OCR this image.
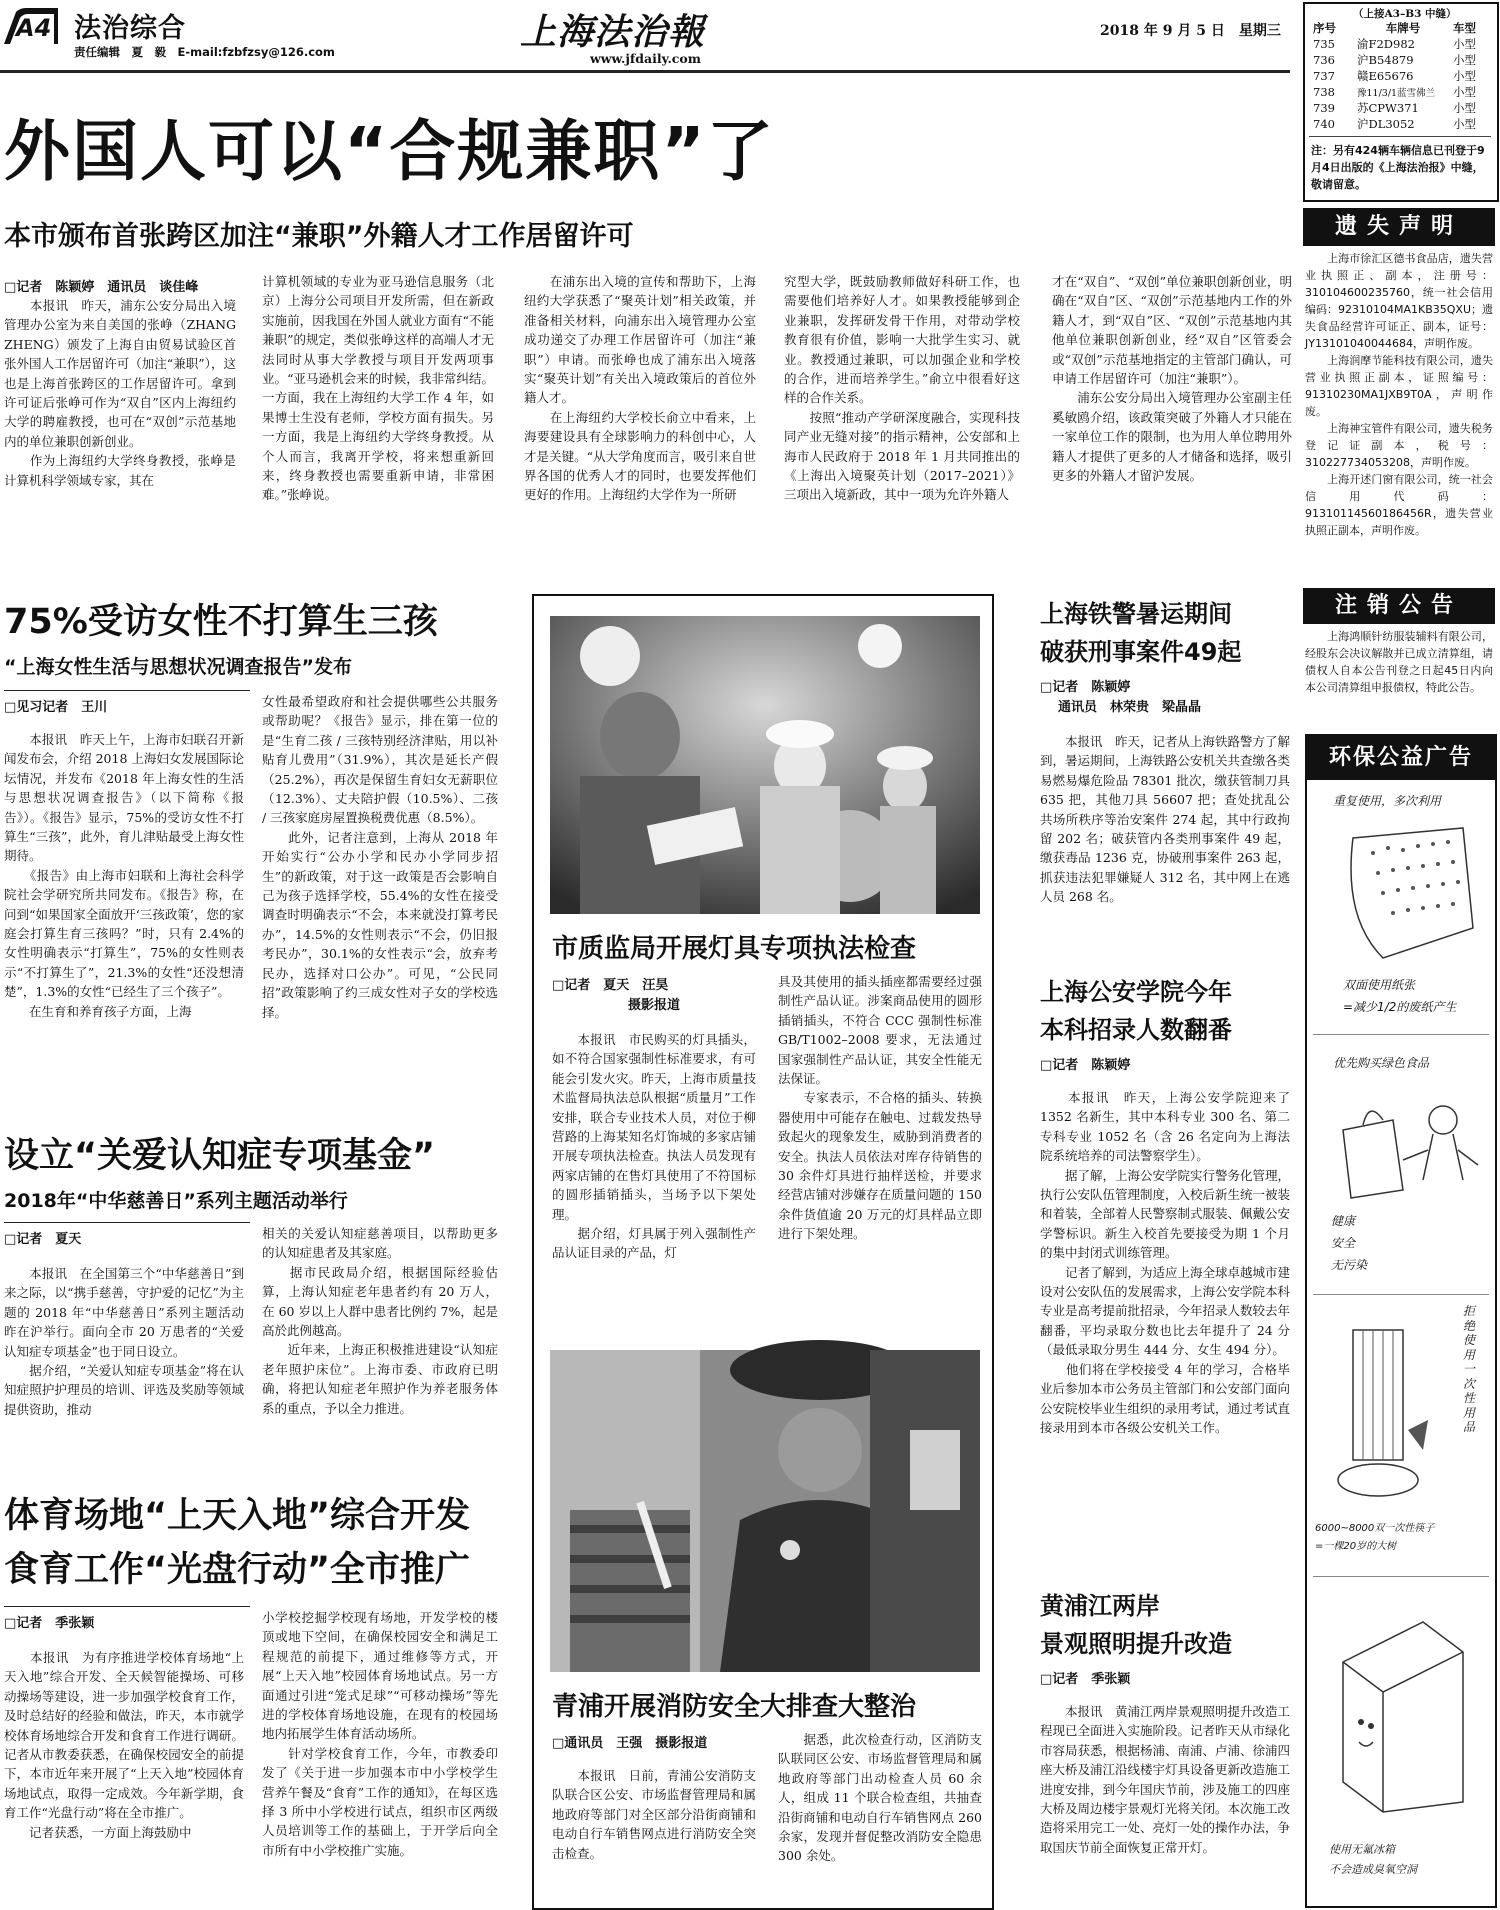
A4 法治综合
责任编辑　夏　毅　E-mail:fzbfzsy@126.com	上海法治報
www.jfdaily.com
2018 年 9 月 5 日　星期三
（上接A3–B3 中缝）
序号	车牌号	车型
735	渝F2D982	小型
736	沪B54879	小型
737	赣E65676	小型
738	豫11/3/1蓝雪佛兰	小型
739	苏CPW371	小型
740	沪DL3052	小型
注：另有424辆车辆信息已刊登于9月4日出版的《上海法治报》中缝，敬请留意。
外国人可以“合规兼职”了
本市颁布首张跨区加注“兼职”外籍人才工作居留许可
□记者　陈颖婷　通讯员　谈佳峰
　　本报讯　昨天，浦东公安分局出入境管理办公室为来自美国的张峥（ZHANG ZHENG）颁发了上海自由贸易试验区首张外国人工作居留许可（加注“兼职”），这也是上海首张跨区的工作居留许可。拿到许可证后张峥可作为“双自”区内上海纽约大学的聘雇教授，也可在“双创”示范基地内的单位兼职创新创业。
　　作为上海纽约大学终身教授，张峥是计算机科学领域专家，其在
计算机领域的专业为亚马逊信息服务（北京）上海分公司项目开发所需，但在新政实施前，因我国在外国人就业方面有“不能兼职”的规定，类似张峥这样的高端人才无法同时从事大学教授与项目开发两项事业。“亚马逊机会来的时候，我非常纠结。一方面，我在上海纽约大学工作 4 年，如果博士生没有老师，学校方面有损失。另一方面，我是上海纽约大学终身教授。从个人而言，我离开学校，将来想重新回来，终身教授也需要重新申请，非常困难。”张峥说。
　　在浦东出入境的宣传和帮助下，上海纽约大学获悉了“聚英计划”相关政策，并准备相关材料，向浦东出入境管理办公室成功递交了办理工作居留许可（加注“兼职”）申请。而张峥也成了浦东出入境落实“聚英计划”有关出入境政策后的首位外籍人才。
　　在上海纽约大学校长俞立中看来，上海要建设具有全球影响力的科创中心，人才是关键。“从大学角度而言，吸引来自世界各国的优秀人才的同时，也要发挥他们更好的作用。上海纽约大学作为一所研
究型大学，既鼓励教师做好科研工作，也需要他们培养好人才。如果教授能够到企业兼职，发挥研发骨干作用，对带动学校教育很有价值，影响一大批学生实习、就业。教授通过兼职，可以加强企业和学校的合作，进而培养学生。”俞立中很看好这样的合作关系。
　　按照“推动产学研深度融合，实现科技同产业无缝对接”的指示精神，公安部和上海市人民政府于 2018 年 1 月共同推出的《上海出入境聚英计划（2017–2021）》三项出入境新政，其中一项为允许外籍人
才在“双自”、“双创”单位兼职创新创业，明确在“双自”区、“双创”示范基地内工作的外籍人才，到“双自”区、“双创”示范基地内其他单位兼职创新创业，经“双自”区管委会或“双创”示范基地指定的主管部门确认，可申请工作居留许可（加注“兼职”）。
　　浦东公安分局出入境管理办公室副主任奚敏鸥介绍，该政策突破了外籍人才只能在一家单位工作的限制，也为用人单位聘用外籍人才提供了更多的人才储备和选择，吸引更多的外籍人才留沪发展。
75%受访女性不打算生三孩
“上海女性生活与思想状况调查报告”发布
□见习记者　王川
　　本报讯　昨天上午，上海市妇联召开新闻发布会，介绍 2018 上海妇女发展国际论坛情况，并发布《2018 年上海女性的生活与思想状况调查报告》（以下简称《报告》）。《报告》显示，75%的受访女性不打算生“三孩”，此外，育儿津贴最受上海女性期待。
　　《报告》由上海市妇联和上海社会科学院社会学研究所共同发布。《报告》称，在问到“如果国家全面放开‘三孩政策’，您的家庭会打算生育三孩吗？”时，只有 2.4%的女性明确表示“打算生”，75%的女性则表示“不打算生了”，21.3%的女性“还没想清楚”，1.3%的女性“已经生了三个孩子”。
　　在生育和养育孩子方面，上海
女性最希望政府和社会提供哪些公共服务或帮助呢？《报告》显示，排在第一位的是“生育二孩 / 三孩特别经济津贴，用以补贴育儿费用”（31.9%），其次是延长产假（25.2%），再次是保留生育妇女无薪职位（12.3%）、丈夫陪护假（10.5%）、二孩 / 三孩家庭房屋置换税费优惠（8.5%）。
　　此外，记者注意到，上海从 2018 年开始实行“公办小学和民办小学同步招生”的新政策，对于这一政策是否会影响自己为孩子选择学校，55.4%的女性在接受调查时明确表示“不会，本来就没打算考民办”，14.5%的女性则表示“不会，仍旧报考民办”，30.1%的女性表示“会，放弃考民办，选择对口公办”。可见，“公民同招”政策影响了约三成女性对子女的学校选择。
设立“关爱认知症专项基金”
2018年“中华慈善日”系列主题活动举行
□记者　夏天
　　本报讯　在全国第三个“中华慈善日”到来之际，以“携手慈善，守护爱的记忆”为主题的 2018 年“中华慈善日”系列主题活动昨在沪举行。面向全市 20 万患者的“关爱认知症专项基金”也于同日设立。
　　据介绍，“关爱认知症专项基金”将在认知症照护护理员的培训、评选及奖励等领域提供资助，推动
相关的关爱认知症慈善项目，以帮助更多的认知症患者及其家庭。
　　据市民政局介绍，根据国际经验估算，上海认知症老年患者约有 20 万人，在 60 岁以上人群中患者比例约 7%，起是高於此例越高。
　　近年来，上海正积极推进建设“认知症老年照护床位”。上海市委、市政府已明确，将把认知症老年照护作为养老服务体系的重点，予以全力推进。
体育场地“上天入地”综合开发
食育工作“光盘行动”全市推广
□记者　季张颖
　　本报讯　为有序推进学校体育场地“上天入地”综合开发、全天候智能操场、可移动操场等建设，进一步加强学校食育工作，及时总结好的经验和做法，昨天，本市就学校体育场地综合开发和食育工作进行调研。记者从市教委获悉，在确保校园安全的前提下，本市近年来开展了“上天入地”校园体育场地试点，取得一定成效。今年新学期，食育工作“光盘行动”将在全市推广。
　　记者获悉，一方面上海鼓励中
小学校挖掘学校现有场地，开发学校的楼顶或地下空间，在确保校园安全和满足工程规范的前提下，通过维修等方式，开展“上天入地”校园体育场地试点。另一方面通过引进“笼式足球”“可移动操场”等先进的学校体育场地设施，在现有的校园场地内拓展学生体育活动场所。
　　针对学校食育工作，今年，市教委印发了《关于进一步加强本市中小学校学生营养午餐及“食育”工作的通知》，在每区选择 3 所中小学校进行试点，组织市区两级人员培训等工作的基础上，于开学后向全市所有中小学校推广实施。
市质监局开展灯具专项执法检查
□记者　夏天　汪昊
摄影报道
　　本报讯　市民购买的灯具插头，如不符合国家强制性标准要求，有可能会引发火灾。昨天，上海市质量技术监督局执法总队根据“质量月”工作安排，联合专业技术人员，对位于柳营路的上海某知名灯饰城的多家店铺开展专项执法检查。执法人员发现有两家店铺的在售灯具使用了不符国标的圆形插销插头，当场予以下架处理。
　　据介绍，灯具属于列入强制性产品认证目录的产品，灯
具及其使用的插头插座都需要经过强制性产品认证。涉案商品使用的圆形插销插头，不符合 CCC 强制性标准 GB/T1002–2008 要求，无法通过国家强制性产品认证，其安全性能无法保证。
　　专家表示，不合格的插头、转换器使用中可能存在触电、过载发热导致起火的现象发生，威胁到消费者的安全。执法人员依法对库存待销售的 30 余件灯具进行抽样送检，并要求经营店铺对涉嫌存在质量问题的 150 余件货值逾 20 万元的灯具样品立即进行下架处理。
青浦开展消防安全大排查大整治
□通讯员　王强　摄影报道
　　本报讯　日前，青浦公安消防支队联合区公安、市场监督管理局和属地政府等部门对全区部分沿街商铺和电动自行车销售网点进行消防安全突击检查。
　　据悉，此次检查行动，区消防支队联同区公安、市场监督管理局和属地政府等部门出动检查人员 60 余人，组成 11 个联合检查组，共抽查沿街商铺和电动自行车销售网点 260 余家，发现并督促整改消防安全隐患 300 余处。
上海铁警暑运期间
破获刑事案件49起
□记者　陈颖婷
通讯员　林荣贵　梁晶晶
　　本报讯　昨天，记者从上海铁路警方了解到，暑运期间，上海铁路公安机关共查缴各类易燃易爆危险品 78301 批次，缴获管制刀具 635 把，其他刀具 56607 把；查处扰乱公共场所秩序等治安案件 274 起，其中行政拘留 202 名；破获管内各类刑事案件 49 起，缴获毒品 1236 克，协破刑事案件 263 起，抓获违法犯罪嫌疑人 312 名，其中网上在逃人员 268 名。
上海公安学院今年
本科招录人数翻番
□记者　陈颖婷
　　本报讯　昨天，上海公安学院迎来了 1352 名新生，其中本科专业 300 名、第二专科专业 1052 名（含 26 名定向为上海法院系统培养的司法警察学生）。
　　据了解，上海公安学院实行警务化管理，执行公安队伍管理制度，入校后新生统一被装和着装，全部着人民警察制式服装、佩戴公安学警标识。新生入校首先要接受为期 1 个月的集中封闭式训练管理。
　　记者了解到，为适应上海全球卓越城市建设对公安队伍的发展需求，上海公安学院本科专业是高考提前批招录，今年招录人数较去年翻番，平均录取分数也比去年提升了 24 分（最低录取分男生 444 分、女生 494 分）。
　　他们将在学校接受 4 年的学习，合格毕业后参加本市公务员主管部门和公安部门面向公安院校毕业生组织的录用考试，通过考试直接录用到本市各级公安机关工作。
黄浦江两岸
景观照明提升改造
□记者　季张颖
　　本报讯　黄浦江两岸景观照明提升改造工程现已全面进入实施阶段。记者昨天从市绿化市容局获悉，根据杨浦、南浦、卢浦、徐浦四座大桥及浦江沿线楼宇灯具设备更新改造施工进度安排，到今年国庆节前，涉及施工的四座大桥及周边楼宇景观灯光将关闭。本次施工改造将采用完工一处、亮灯一处的操作办法，争取国庆节前全面恢复正常开灯。
遗失声明
　　上海市徐汇区德书食品店，遗失营业执照正、副本，注册号：310104600235760，统一社会信用编码：92310104MA1KB35QXU；遗失食品经营许可证正、副本，证号：JY13101040044684，声明作废。
　　上海润摩节能科技有限公司，遗失营业执照正副本，证照编号：91310230MA1JXB9T0A，声明作废。
　　上海神宝管件有限公司，遗失税务登记证副本，税号：310227734053208，声明作废。
　　上海开述门窗有限公司，统一社会信用代码：91310114560186456R，遗失营业执照正副本，声明作废。
注销公告
　　上海鸿顺针纺服装辅料有限公司，经股东会决议解散并已成立清算组，请债权人自本公告刊登之日起45日内向本公司清算组申报债权，特此公告。
环保公益广告
重复使用，多次利用
双面使用纸张
=减少1/2的废纸产生
优先购买绿色食品
健康
安全
无污染
拒
绝
使
用
一
次
性
用
品
6000~8000双一次性筷子
=一棵20岁的大树
使用无氟冰箱
不会造成臭氧空洞
